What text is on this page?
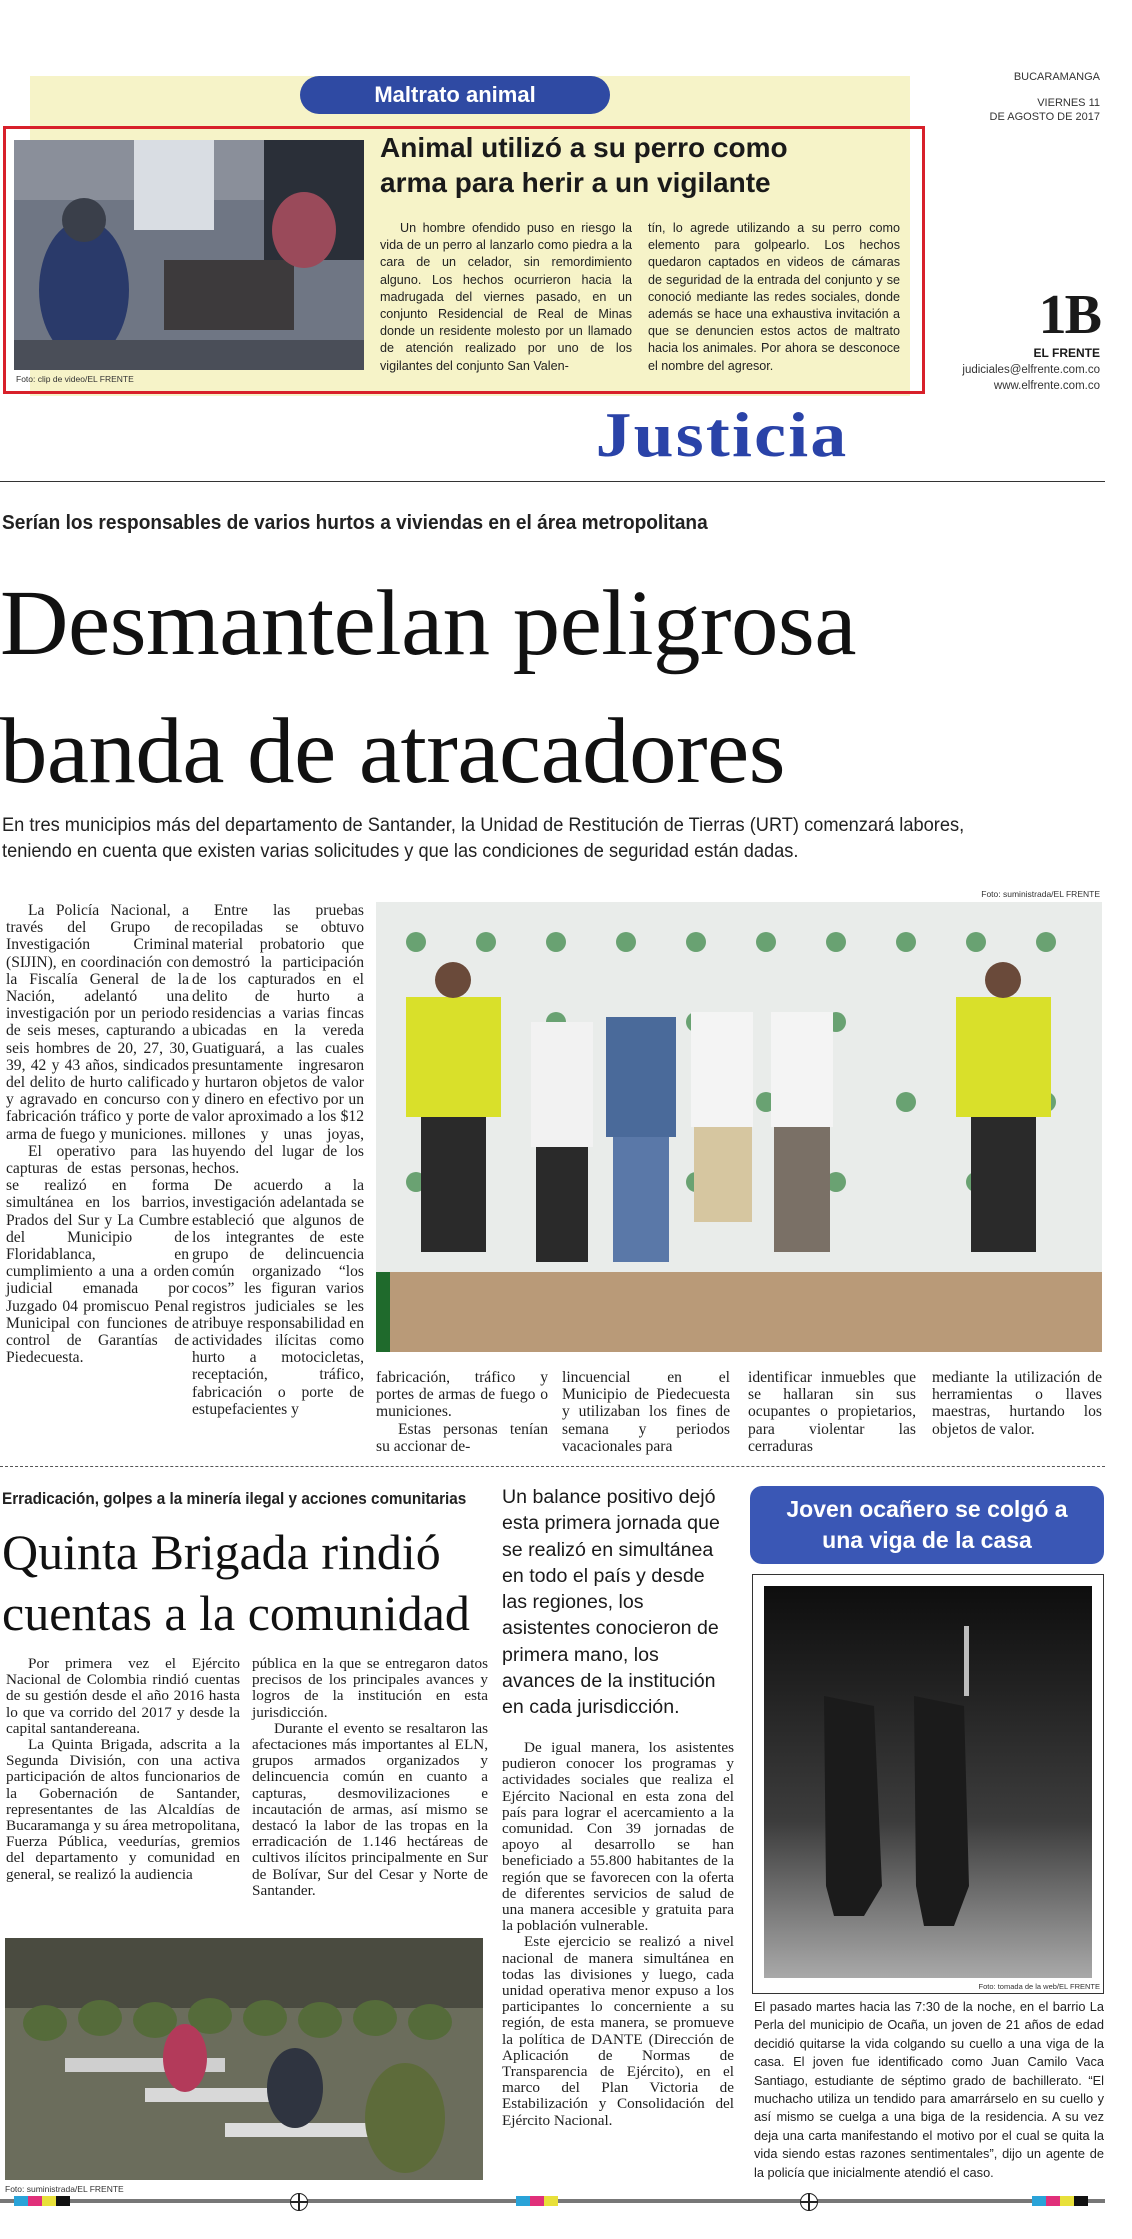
BUCARAMANGA
VIERNES 11
DE AGOSTO DE 2017
1B
EL FRENTE
judiciales@elfrente.com.co
www.elfrente.com.co
Maltrato animal
Foto: clip de video/EL FRENTE
Animal utilizó a su perro como
arma para herir a un vigilante

Un hombre ofendido puso en riesgo la vida de un perro al lanzarlo como piedra a la cara de un celador, sin remordimiento alguno. Los hechos ocurrieron hacia la madrugada del viernes pasado, en un conjunto Residencial de Real de Minas donde un residente molesto por un llamado de atención realizado por uno de los vigilantes del conjunto San Valen-

tín, lo agrede utilizando a su perro como elemento para golpearlo. Los hechos quedaron captados en videos de cámaras de seguridad de la entrada del conjunto y se conoció mediante las redes sociales, donde además se hace una exhaustiva invitación a que se denuncien estos actos de maltrato hacia los animales. Por ahora se desconoce el nombre del agresor.

Justicia
Serían los responsables de varios hurtos a viviendas en el área metropolitana
Desmantelan peligrosa
banda de atracadores
En tres municipios más del departamento de Santander, la Unidad de Restitución de Tierras (URT) comenzará labores, teniendo en cuenta que existen varias solicitudes y que las condiciones de seguridad están dadas.

La Policía Nacional, a través del Grupo de Investigación Criminal (SIJIN), en coordinación con la Fiscalía General de la Nación, adelantó una investigación por un periodo de seis meses, capturando a seis hombres de 20, 27, 30, 39, 42 y 43 años, sindicados del delito de hurto calificado y agravado en concurso con fabricación tráfico y porte de arma de fuego y municiones.

El operativo para las capturas de estas personas, se realizó en forma simultánea en los barrios, Prados del Sur y La Cumbre del Municipio de Floridablanca, en cumplimiento a una a orden judicial emanada por Juzgado 04 promiscuo Penal Municipal con funciones de control de Garantías de Piedecuesta.

Entre las pruebas recopiladas se obtuvo material probatorio que demostró la participación de los capturados en el delito de hurto a residencias a varias fincas ubicadas en la vereda Guatiguará, a las cuales presuntamente ingresaron y hurtaron objetos de valor y dinero en efectivo por un valor aproximado a los $12 millones y unas joyas, huyendo del lugar de los hechos.

De acuerdo a la investigación adelantada se estableció que algunos de los integrantes de este grupo de delincuencia común organizado “los cocos” les figuran varios registros judiciales se les atribuye responsabilidad en actividades ilícitas como hurto a motocicletas, receptación, tráfico, fabricación o porte de estupefacientes y

Foto: suministrada/EL FRENTE

fabricación, tráfico y portes de armas de fuego o municiones.

Estas personas tenían su accionar de-

lincuencial en el Municipio de Piedecuesta y utilizaban los fines de semana y periodos vacacionales para

identificar inmuebles que se hallaran sin sus ocupantes o propietarios, para violentar las cerraduras

mediante la utilización de herramientas o llaves maestras, hurtando los objetos de valor.

Erradicación, golpes a la minería ilegal y acciones comunitarias
Quinta Brigada rindió
cuentas a la comunidad

Por primera vez el Ejército Nacional de Colombia rindió cuentas de su gestión desde el año 2016 hasta lo que va corrido del 2017 y desde la capital santandereana.

La Quinta Brigada, adscrita a la Segunda División, con una activa participación de altos funcionarios de la Gobernación de Santander, representantes de las Alcaldías de Bucaramanga y su área metropolitana, Fuerza Pública, veedurías, gremios del departamento y comunidad en general, se realizó la audiencia

pública en la que se entregaron datos precisos de los principales avances y logros de la institución en esta jurisdicción.

Durante el evento se resaltaron las afectaciones más importantes al ELN, grupos armados organizados y delincuencia común en cuanto a capturas, desmovilizaciones e incautación de armas, así mismo se destacó la labor de las tropas en la erradicación de 1.146 hectáreas de cultivos ilícitos principalmente en Sur de Bolívar, Sur del Cesar y Norte de Santander.

Foto: suministrada/EL FRENTE
Un balance positivo dejó esta primera jornada que se realizó en simultánea en todo el país y desde las regiones, los asistentes conocieron de primera mano, los avances de la institución en cada jurisdicción.

De igual manera, los asistentes pudieron conocer los programas y actividades sociales que realiza el Ejército Nacional en esta zona del país para lograr el acercamiento a la comunidad. Con 39 jornadas de apoyo al desarrollo se han beneficiado a 55.800 habitantes de la región que se favorecen con la oferta de diferentes servicios de salud de una manera accesible y gratuita para la población vulnerable.

Este ejercicio se realizó a nivel nacional de manera simultánea en todas las divisiones y luego, cada unidad operativa menor expuso a los participantes lo concerniente a su región, de esta manera, se promueve la política de DANTE (Dirección de Aplicación de Normas de Transparencia de Ejército), en el marco del Plan Victoria de Estabilización y Consolidación del Ejército Nacional.

Joven ocañero se colgó a
una viga de la casa
Foto: tomada de la web/EL FRENTE
El pasado martes hacia las 7:30 de la noche, en el barrio La Perla del municipio de Ocaña, un joven de 21 años de edad decidió quitarse la vida colgando su cuello a una viga de la casa. El joven fue identificado como Juan Camilo Vaca Santiago, estudiante de séptimo grado de bachillerato. “El muchacho utiliza un tendido para amarrárselo en su cuello y así mismo se cuelga a una biga de la residencia. A su vez deja una carta manifestando el motivo por el cual se quita la vida siendo estas razones sentimentales”, dijo un agente de la policía que inicialmente atendió el caso.
